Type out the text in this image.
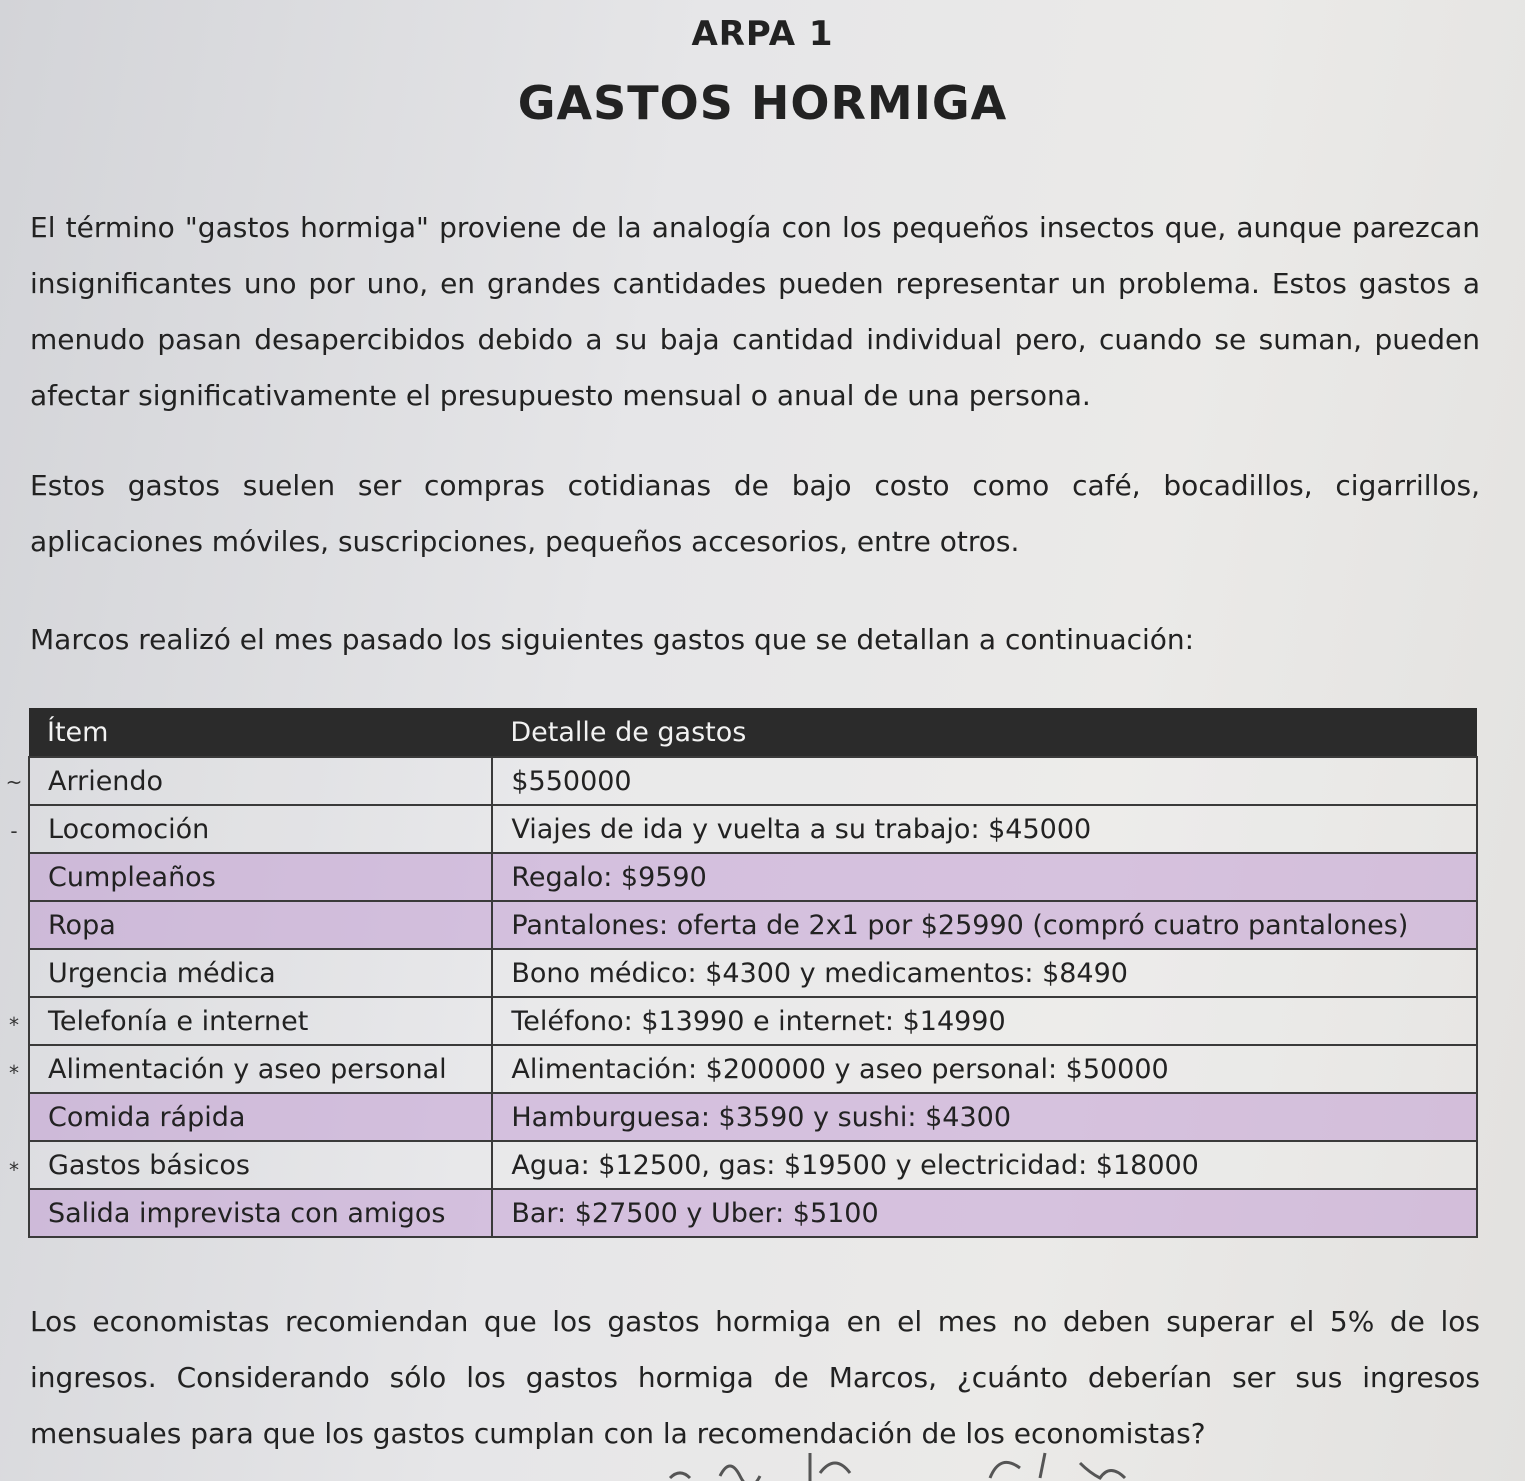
ARPA 1
GASTOS HORMIGA

El término "gastos hormiga" proviene de la analogía con los pequeños insectos que, aunque parezcan insignificantes uno por uno, en grandes cantidades pueden representar un problema. Estos gastos a menudo pasan desapercibidos debido a su baja cantidad individual pero, cuando se suman, pueden afectar significativamente el presupuesto mensual o anual de una persona.

Estos gastos suelen ser compras cotidianas de bajo costo como café, bocadillos, cigarrillos, aplicaciones móviles, suscripciones, pequeños accesorios, entre otros.

Marcos realizó el mes pasado los siguientes gastos que se detallan a continuación:

~
-
*
*
*
Ítem	Detalle de gastos
Arriendo	$550000
Locomoción	Viajes de ida y vuelta a su trabajo: $45000
Cumpleaños	Regalo: $9590
Ropa	Pantalones: oferta de 2x1 por $25990 (compró cuatro pantalones)
Urgencia médica	Bono médico: $4300 y medicamentos: $8490
Telefonía e internet	Teléfono: $13990 e internet: $14990
Alimentación y aseo personal	Alimentación: $200000 y aseo personal: $50000
Comida rápida	Hamburguesa: $3590 y sushi: $4300
Gastos básicos	Agua: $12500, gas: $19500 y electricidad: $18000
Salida imprevista con amigos	Bar: $27500 y Uber: $5100

Los economistas recomiendan que los gastos hormiga en el mes no deben superar el 5% de los ingresos. Considerando sólo los gastos hormiga de Marcos, ¿cuánto deberían ser sus ingresos mensuales para que los gastos cumplan con la recomendación de los economistas?
